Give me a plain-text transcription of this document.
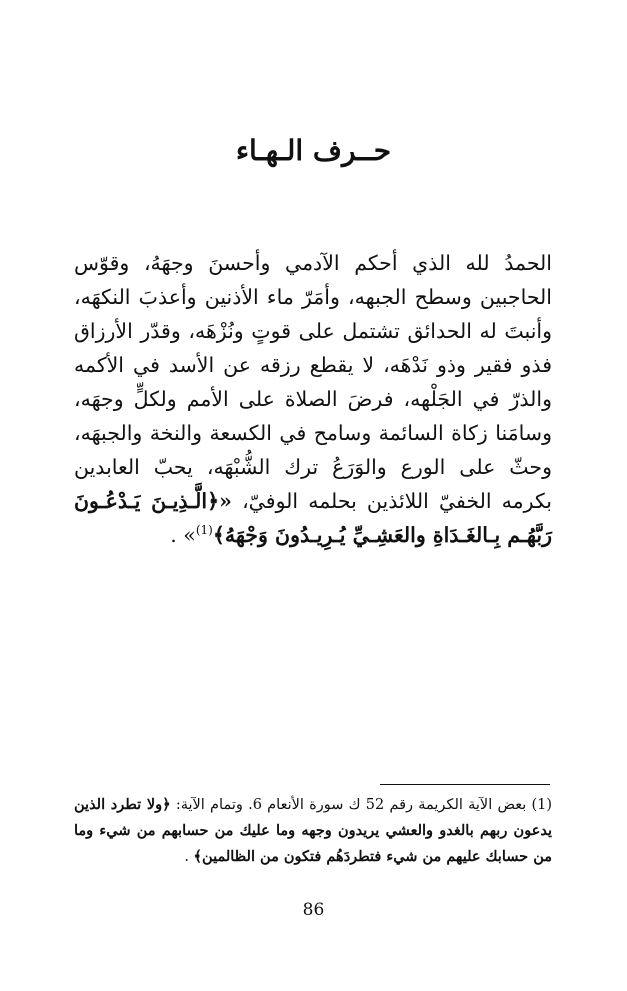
حــرف الـهـاء
الحمدُ لله الذي أحكم الآدمي وأحسنَ وجهَهُ، وقوّس الحاجبين وسطح الجبهه، وأمَرّ ماء الأذنين وأعذبَ النكهَه، وأنبتَ له الحدائق تشتمل على قوتٍ ونُزْهَه، وقدّر الأرزاق فذو فقير وذو نَدْهَه، لا يقطع رزقه عن الأسد في الأكمه والذرّ في الجَلْهه، فرضَ الصلاة على الأمم ولكلٍّ وجهَه، وسامَنا زكاة السائمة وسامح في الكسعة والنخة والجبهَه، وحثّ على الورع والوَرَعُ ترك الشُّبْهَه، يحبّ العابدين بكرمه الخفيّ اللائذين بحلمه الوفيّ، «﴿الَّـذِيـنَ يَـدْعُـونَ رَبَّهُـم بِـالغَـدَاةِ والعَشِـيِّ يُـرِيـدُونَ وَجْهَهُ﴾$^{(1)}$» .
(1) بعض الآية الكريمة رقم 52 ك سورة الأنعام 6. وتمام الآية: ﴿ولا تطرد الذين يدعون ربهم بالغدو والعشي يريدون وجهه وما عليك من حسابهم من شيء وما من حسابك عليهم من شيء فتطردَهُم فتكون من الظالمين﴾ .
86
